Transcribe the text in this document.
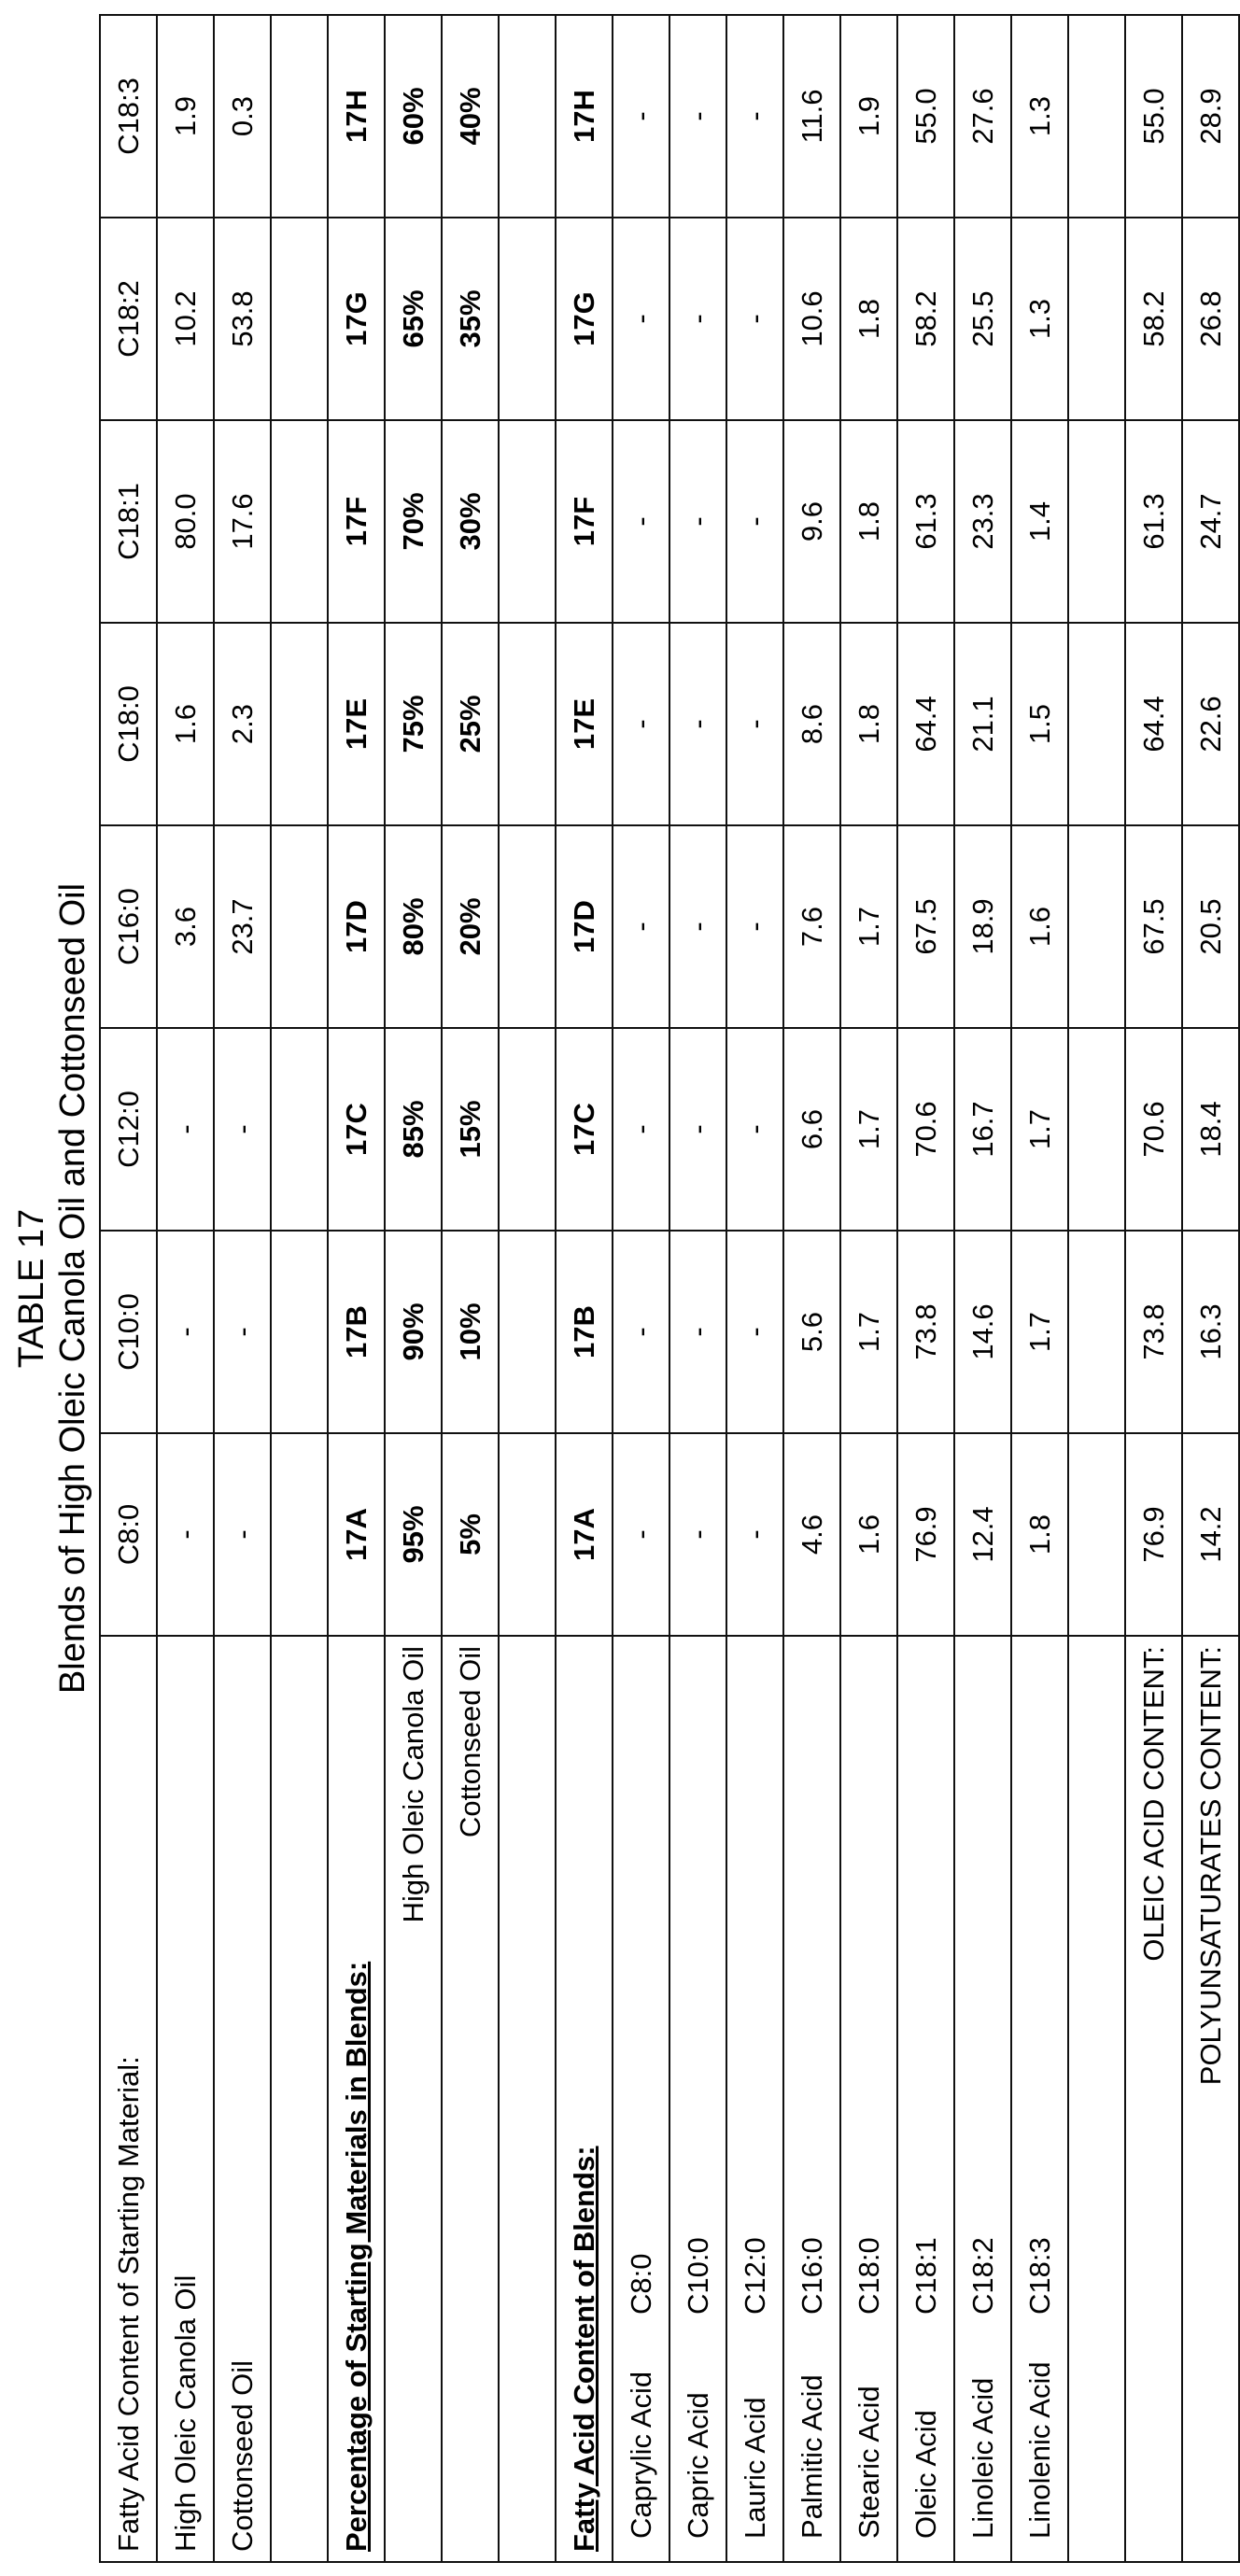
TABLE 17 Blends of High Oleic Canola Oil and Cottonseed Oil
Fatty Acid Content of Starting Material:	C8:0	C10:0	C12:0	C16:0	C18:0	C18:1	C18:2	C18:3
High Oleic Canola Oil	-	-	-	3.6	1.6	80.0	10.2	1.9
Cottonseed Oil	-	-	-	23.7	2.3	17.6	53.8	0.3

Percentage of Starting Materials in Blends:	17A	17B	17C	17D	17E	17F	17G	17H
High Oleic Canola Oil	95%	90%	85%	80%	75%	70%	65%	60%
Cottonseed Oil	5%	10%	15%	20%	25%	30%	35%	40%

Fatty Acid Content of Blends:	17A	17B	17C	17D	17E	17F	17G	17H
Caprylic AcidC8:0	-	-	-	-	-	-	-	-
Capric AcidC10:0	-	-	-	-	-	-	-	-
Lauric AcidC12:0	-	-	-	-	-	-	-	-
Palmitic AcidC16:0	4.6	5.6	6.6	7.6	8.6	9.6	10.6	11.6
Stearic AcidC18:0	1.6	1.7	1.7	1.7	1.8	1.8	1.8	1.9
Oleic AcidC18:1	76.9	73.8	70.6	67.5	64.4	61.3	58.2	55.0
Linoleic AcidC18:2	12.4	14.6	16.7	18.9	21.1	23.3	25.5	27.6
Linolenic AcidC18:3	1.8	1.7	1.7	1.6	1.5	1.4	1.3	1.3

OLEIC ACID CONTENT:	76.9	73.8	70.6	67.5	64.4	61.3	58.2	55.0
POLYUNSATURATES CONTENT:	14.2	16.3	18.4	20.5	22.6	24.7	26.8	28.9
